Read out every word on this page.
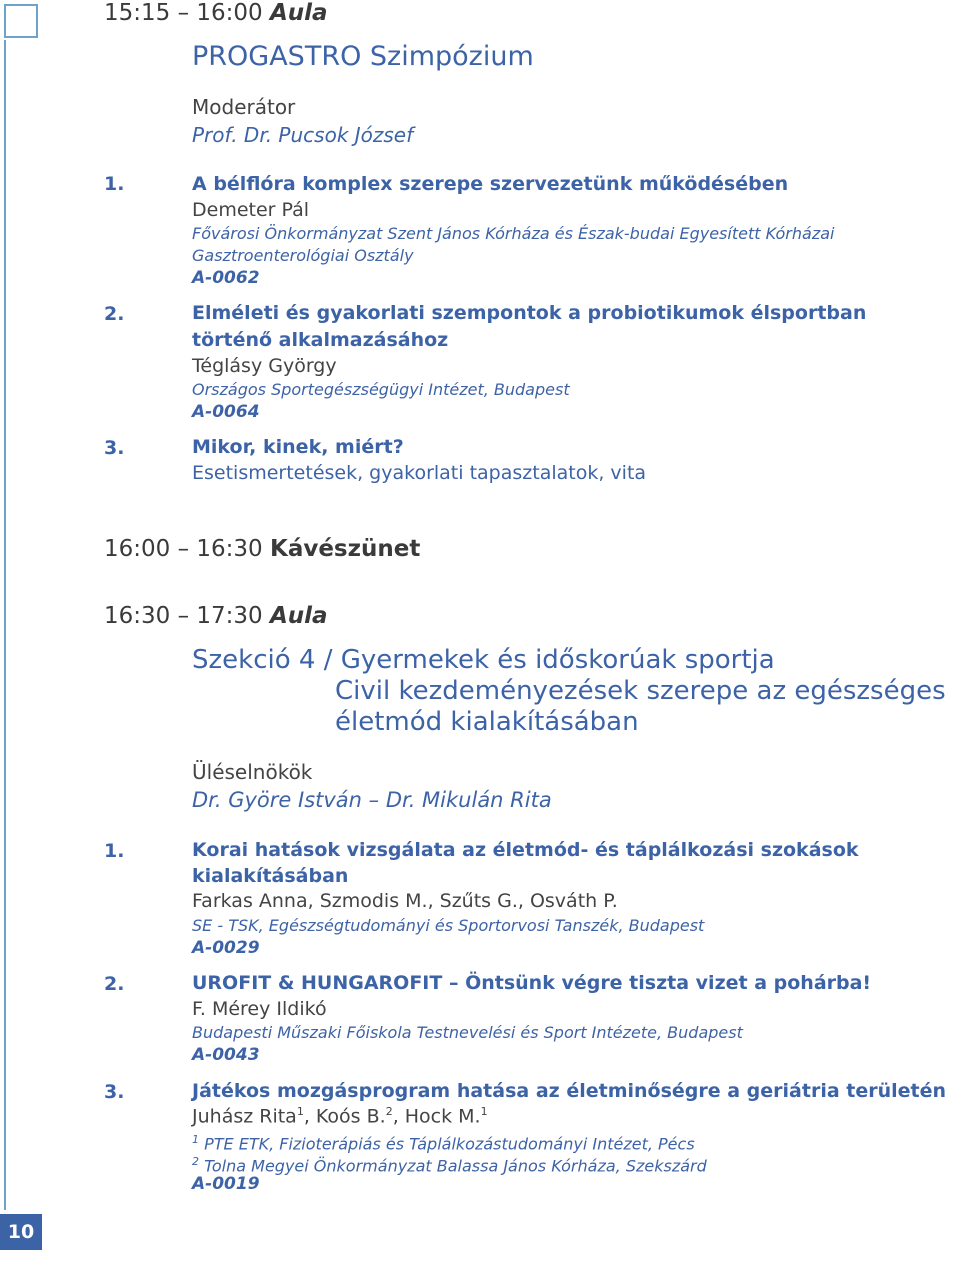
10
15:15 – 16:00 Aula
PROGASTRO Szimpózium
Moderátor
Prof. Dr. Pucsok József
1.	A bélflóra komplex szerepe szervezetünk működésében
Demeter Pál
Fővárosi Önkormányzat Szent János Kórháza és Észak-budai Egyesített Kórházai
Gasztroenterológiai Osztály
A-0062
2.	Elméleti és gyakorlati szempontok a probiotikumok élsportban
történő alkalmazásához
Téglásy György
Országos Sportegészségügyi Intézet, Budapest
A-0064
3.	Mikor, kinek, miért?
Esetismertetések, gyakorlati tapasztalatok, vita
16:00 – 16:30 Kávészünet
16:30 – 17:30 Aula
Szekció 4 / Gyermekek és időskorúak sportja
Civil kezdeményezések szerepe az egészséges
életmód kialakításában
Üléselnökök
Dr. Györe István – Dr. Mikulán Rita
1.	Korai hatások vizsgálata az életmód- és táplálkozási szokások
kialakításában
Farkas Anna, Szmodis M., Szűts G., Osváth P.
SE - TSK, Egészségtudományi és Sportorvosi Tanszék, Budapest
A-0029
2.	UROFIT & HUNGAROFIT – Öntsünk végre tiszta vizet a pohárba!
F. Mérey Ildikó
Budapesti Műszaki Főiskola Testnevelési és Sport Intézete, Budapest
A-0043
3.	Játékos mozgásprogram hatása az életminőségre a geriátria területén
Juhász Rita$^1$, Koós B.$^2$, Hock M.$^1$
$^1$ PTE ETK, Fizioterápiás és Táplálkozástudományi Intézet, Pécs
$^2$ Tolna Megyei Önkormányzat Balassa János Kórháza, Szekszárd
A-0019
